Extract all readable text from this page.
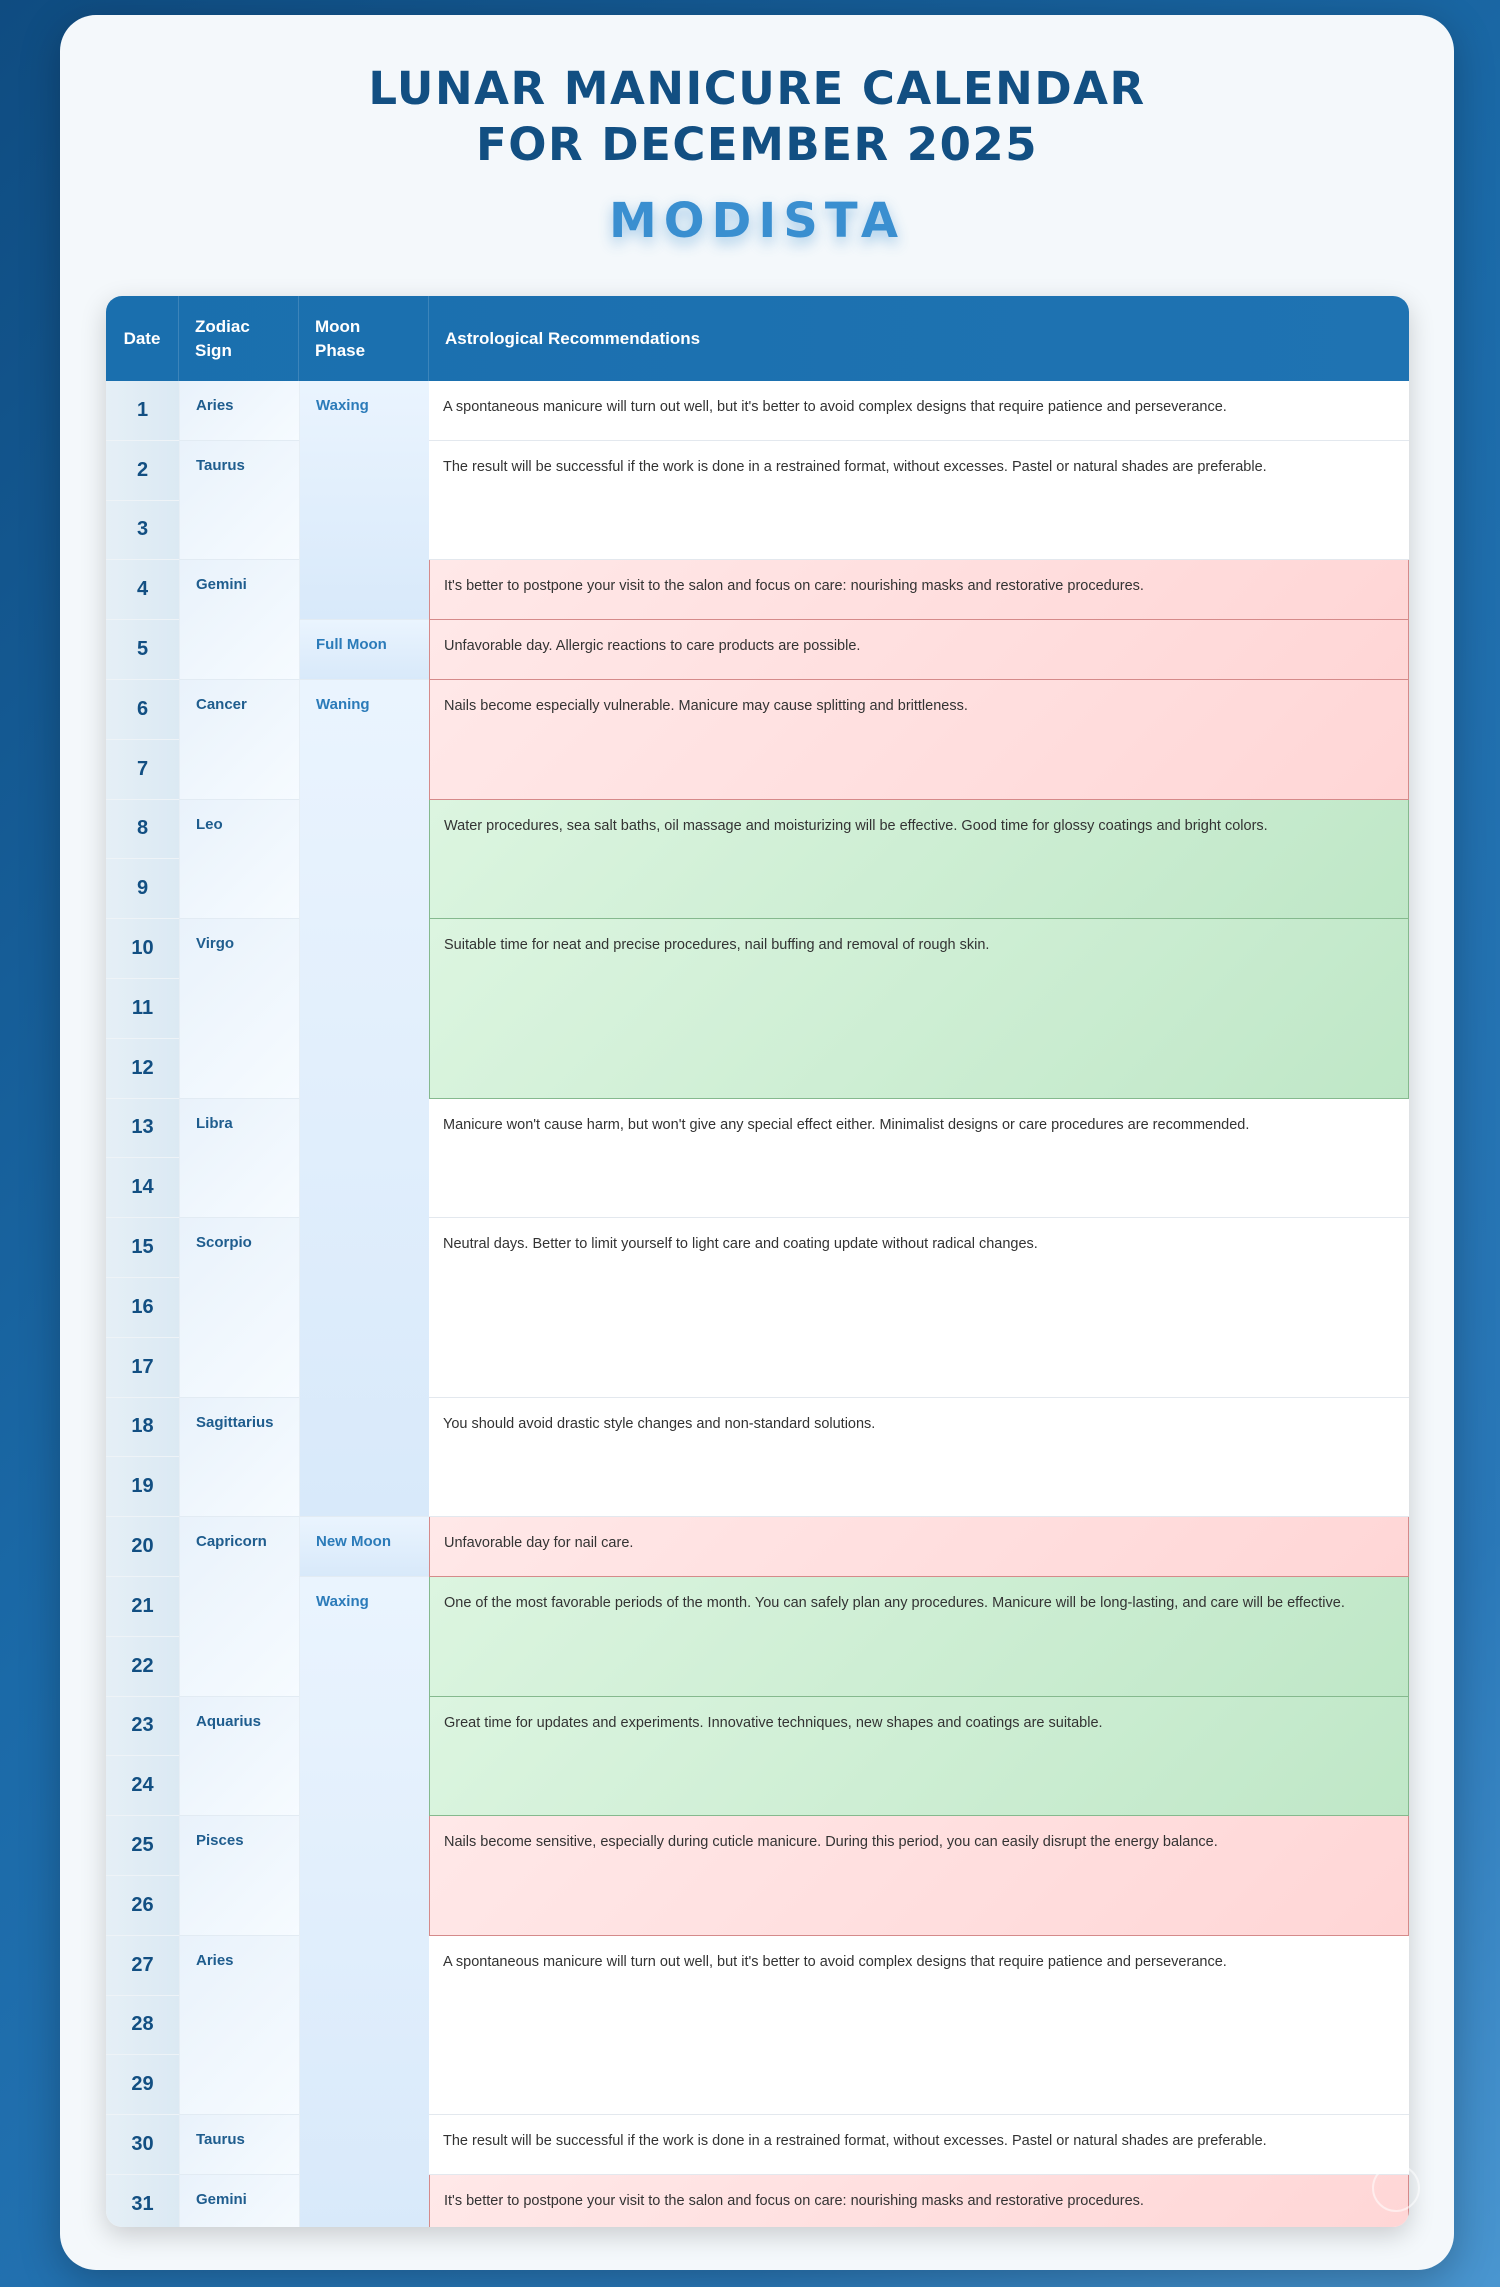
LUNAR MANICURE CALENDAR
FOR DECEMBER 2025
MODISTA
Date
Zodiac Sign
Moon Phase
Astrological Recommendations
1
2
3
4
5
6
7
8
9
10
11
12
13
14
15
16
17
18
19
20
21
22
23
24
25
26
27
28
29
30
31
Aries
Taurus
Gemini
Cancer
Leo
Virgo
Libra
Scorpio
Sagittarius
Capricorn
Aquarius
Pisces
Aries
Taurus
Gemini
Waxing
Full Moon
Waning
New Moon
Waxing
A spontaneous manicure will turn out well, but it's better to avoid complex designs that require patience and perseverance.
The result will be successful if the work is done in a restrained format, without excesses. Pastel or natural shades are preferable.
It's better to postpone your visit to the salon and focus on care: nourishing masks and restorative procedures.
Unfavorable day. Allergic reactions to care products are possible.
Nails become especially vulnerable. Manicure may cause splitting and brittleness.
Water procedures, sea salt baths, oil massage and moisturizing will be effective. Good time for glossy coatings and bright colors.
Suitable time for neat and precise procedures, nail buffing and removal of rough skin.
Manicure won't cause harm, but won't give any special effect either. Minimalist designs or care procedures are recommended.
Neutral days. Better to limit yourself to light care and coating update without radical changes.
You should avoid drastic style changes and non-standard solutions.
Unfavorable day for nail care.
One of the most favorable periods of the month. You can safely plan any procedures. Manicure will be long-lasting, and care will be effective.
Great time for updates and experiments. Innovative techniques, new shapes and coatings are suitable.
Nails become sensitive, especially during cuticle manicure. During this period, you can easily disrupt the energy balance.
A spontaneous manicure will turn out well, but it's better to avoid complex designs that require patience and perseverance.
The result will be successful if the work is done in a restrained format, without excesses. Pastel or natural shades are preferable.
It's better to postpone your visit to the salon and focus on care: nourishing masks and restorative procedures.
